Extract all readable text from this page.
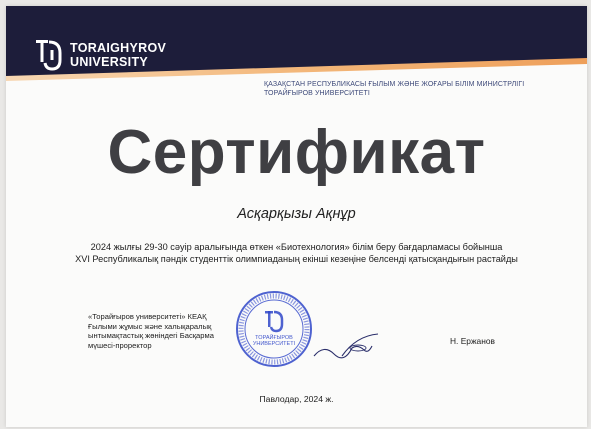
TORAIGHYROV
UNIVERSITY
ҚАЗАҚСТАН РЕСПУБЛИКАСЫ ҒЫЛЫМ ЖӘНЕ ЖОҒАРЫ БІЛІМ МИНИСТРЛІГІ
ТОРАЙҒЫРОВ УНИВЕРСИТЕТІ
Сертификат
Асқарқызы Ақнұр
2024 жылғы 29-30 сәуір аралығында өткен «Биотехнология» білім беру бағдарламасы бойынша
XVI Республикалық пәндік студенттік олимпиаданың екінші кезеңіне белсенді қатысқандығын растайды
«Торайғыров университеті» КЕАҚ
Ғылыми жұмыс және халықаралық
ынтымақтастық жөніндегі Басқарма
мүшесі-проректор
ТОРАЙҒЫРОВ
УНИВЕРСИТЕТІ	Н. Ержанов
Павлодар, 2024 ж.
